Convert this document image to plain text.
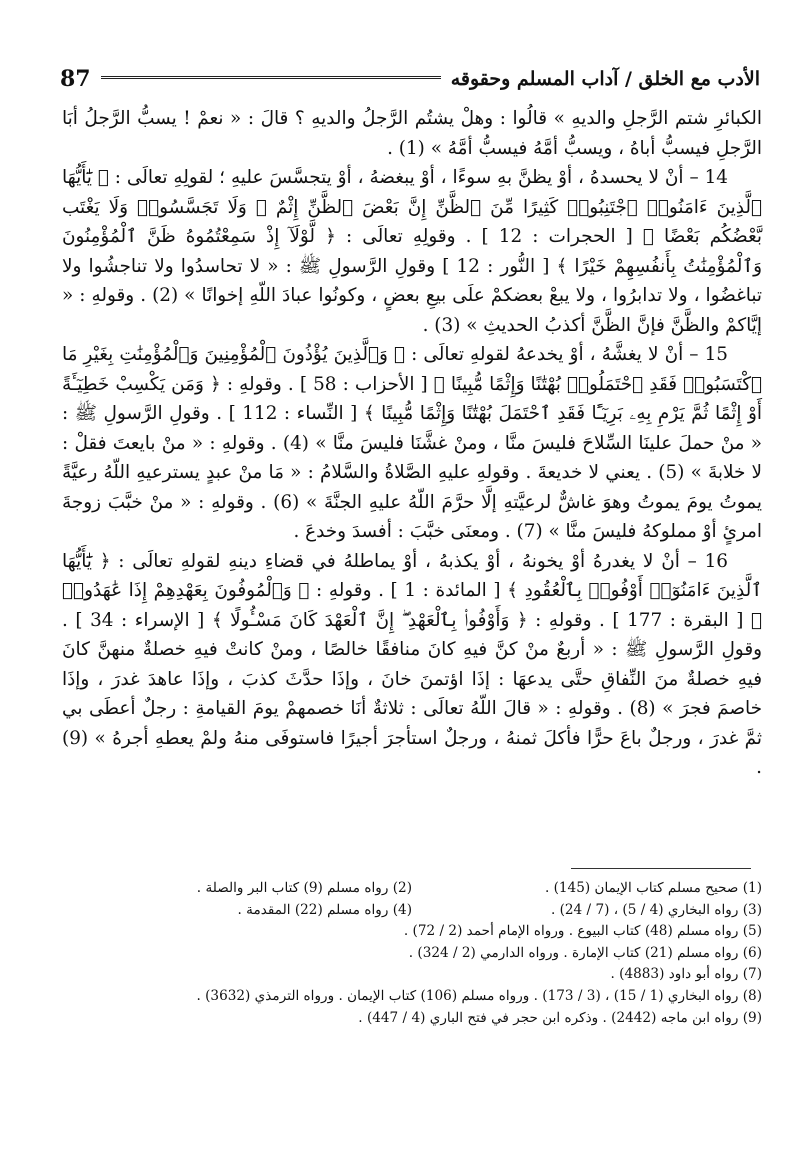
الأدب مع الخلق / آداب المسلم وحقوقه
87

الكبائرِ شتم الرَّجلِ والديهِ » قالُوا : وهلْ يشتُم الرَّجلُ والديهِ ؟ قالَ : « نعمْ ! يسبُّ الرَّجلُ أبَا الرَّجلِ فيسبُّ أباهُ ، ويسبُّ أمَّهُ فيسبُّ أمَّهُ » (1) .

14 – أنْ لا يحسدهُ ، أوْ يظنَّ بهِ سوءًا ، أوْ يبغضهُ ، أوْ يتجسَّسَ عليهِ ؛ لقولِهِ تعالَى : ﴿ يَٰٓأَيُّهَا ٱلَّذِينَ ءَامَنُوا۟ ٱجْتَنِبُوا۟ كَثِيرًا مِّنَ ٱلظَّنِّ إِنَّ بَعْضَ ٱلظَّنِّ إِثْمٌ ۖ وَلَا تَجَسَّسُوا۟ وَلَا يَغْتَب بَّعْضُكُم بَعْضًا ﴾ [ الحجرات : 12 ] . وقولِهِ تعالَى : ﴿ لَّوْلَآ إِذْ سَمِعْتُمُوهُ ظَنَّ ٱلْمُؤْمِنُونَ وَٱلْمُؤْمِنَٰتُ بِأَنفُسِهِمْ خَيْرًا ﴾ [ النُّور : 12 ] وقولِ الرَّسولِ ﷺ : « لا تحاسدُوا ولا تناجشُوا ولا تباغضُوا ، ولا تدابرُوا ، ولا يبعْ بعضكمْ علَى بيعِ بعضٍ ، وكونُوا عبادَ اللّهِ إخوانًا » (2) . وقولهِ : « إيَّاكمْ والظَّنَّ فإنَّ الظَّنَّ أكذبُ الحديثِ » (3) .

15 – أنْ لا يغشَّهُ ، أوْ يخدعهُ لقولهِ تعالَى : ﴿ وَٱلَّذِينَ يُؤْذُونَ ٱلْمُؤْمِنِينَ وَٱلْمُؤْمِنَٰتِ بِغَيْرِ مَا ٱكْتَسَبُوا۟ فَقَدِ ٱحْتَمَلُوا۟ بُهْتَٰنًا وَإِثْمًا مُّبِينًا ﴾ [ الأحزاب : 58 ] . وقولهِ : ﴿ وَمَن يَكْسِبْ خَطِيٓـَٔةً أَوْ إِثْمًا ثُمَّ يَرْمِ بِهِۦ بَرِيٓـًٔا فَقَدِ ٱحْتَمَلَ بُهْتَٰنًا وَإِثْمًا مُّبِينًا ﴾ [ النِّساء : 112 ] . وقولِ الرَّسولِ ﷺ : « منْ حملَ علينَا السِّلاحَ فليسَ منَّا ، ومنْ غشَّنَا فليسَ منَّا » (4) . وقولهِ : « منْ بايعتَ فقلْ : لا خلابةَ » (5) . يعني لا خديعةَ . وقولهِ عليهِ الصَّلاةُ والسَّلامُ : « مَا منْ عبدٍ يسترعيهِ اللّهُ رعيَّةً يموتُ يومَ يموتُ وهوَ غاشٌّ لرعيَّتهِ إلَّا حرَّمَ اللّهُ عليهِ الجنَّةَ » (6) . وقولهِ : « منْ خبَّبَ زوجةَ امرئٍ أوْ مملوكهُ فليسَ منَّا » (7) . ومعنَى خبَّبَ : أفسدَ وخدعَ .

16 – أنْ لا يغدرهُ أوْ يخونهُ ، أوْ يكذبهُ ، أوْ يماطلهُ في قضاءِ دينهِ لقولهِ تعالَى : ﴿ يَٰٓأَيُّهَا ٱلَّذِينَ ءَامَنُوٓا۟ أَوْفُوا۟ بِٱلْعُقُودِ ﴾ [ المائدة : 1 ] . وقولهِ : ﴿ وَٱلْمُوفُونَ بِعَهْدِهِمْ إِذَا عَٰهَدُوا۟ ﴾ [ البقرة : 177 ] . وقولهِ : ﴿ وَأَوْفُوا۟ بِٱلْعَهْدِ ۖ إِنَّ ٱلْعَهْدَ كَانَ مَسْـُٔولًا ﴾ [ الإسراء : 34 ] . وقولِ الرَّسولِ ﷺ : « أربعٌ منْ كنَّ فيهِ كانَ منافقًا خالصًا ، ومنْ كانتْ فيهِ خصلةٌ منهنَّ كانَ فيهِ خصلةٌ منَ النِّفاقِ حتَّى يدعهَا : إذَا اؤتمنَ خانَ ، وإذَا حدَّثَ كذبَ ، وإذَا عاهدَ غدرَ ، وإذَا خاصمَ فجرَ » (8) . وقولهِ : « قالَ اللّهُ تعالَى : ثلاثةٌ أنَا خصمهمْ يومَ القيامةِ : رجلٌ أعطَى بي ثمَّ غدرَ ، ورجلٌ باعَ حرًّا فأكلَ ثمنهُ ، ورجلٌ استأجرَ أجيرًا فاستوفَى منهُ ولمْ يعطهِ أجرهُ » (9) .

(1) صحيح مسلم كتاب الإيمان (145) .
(2) رواه مسلم (9) كتاب البر والصلة .
(3) رواه البخاري (4 / 5) ، (7 / 24) .
(4) رواه مسلم (22) المقدمة .
(5) رواه مسلم (48) كتاب البيوع . ورواه الإمام أحمد (2 / 72) .
(6) رواه مسلم (21) كتاب الإمارة . ورواه الدارمي (2 / 324) .
(7) رواه أبو داود (4883) .
(8) رواه البخاري (1 / 15) ، (3 / 173) . ورواه مسلم (106) كتاب الإيمان . ورواه الترمذي (3632) .
(9) رواه ابن ماجه (2442) . وذكره ابن حجر في فتح الباري (4 / 447) .
